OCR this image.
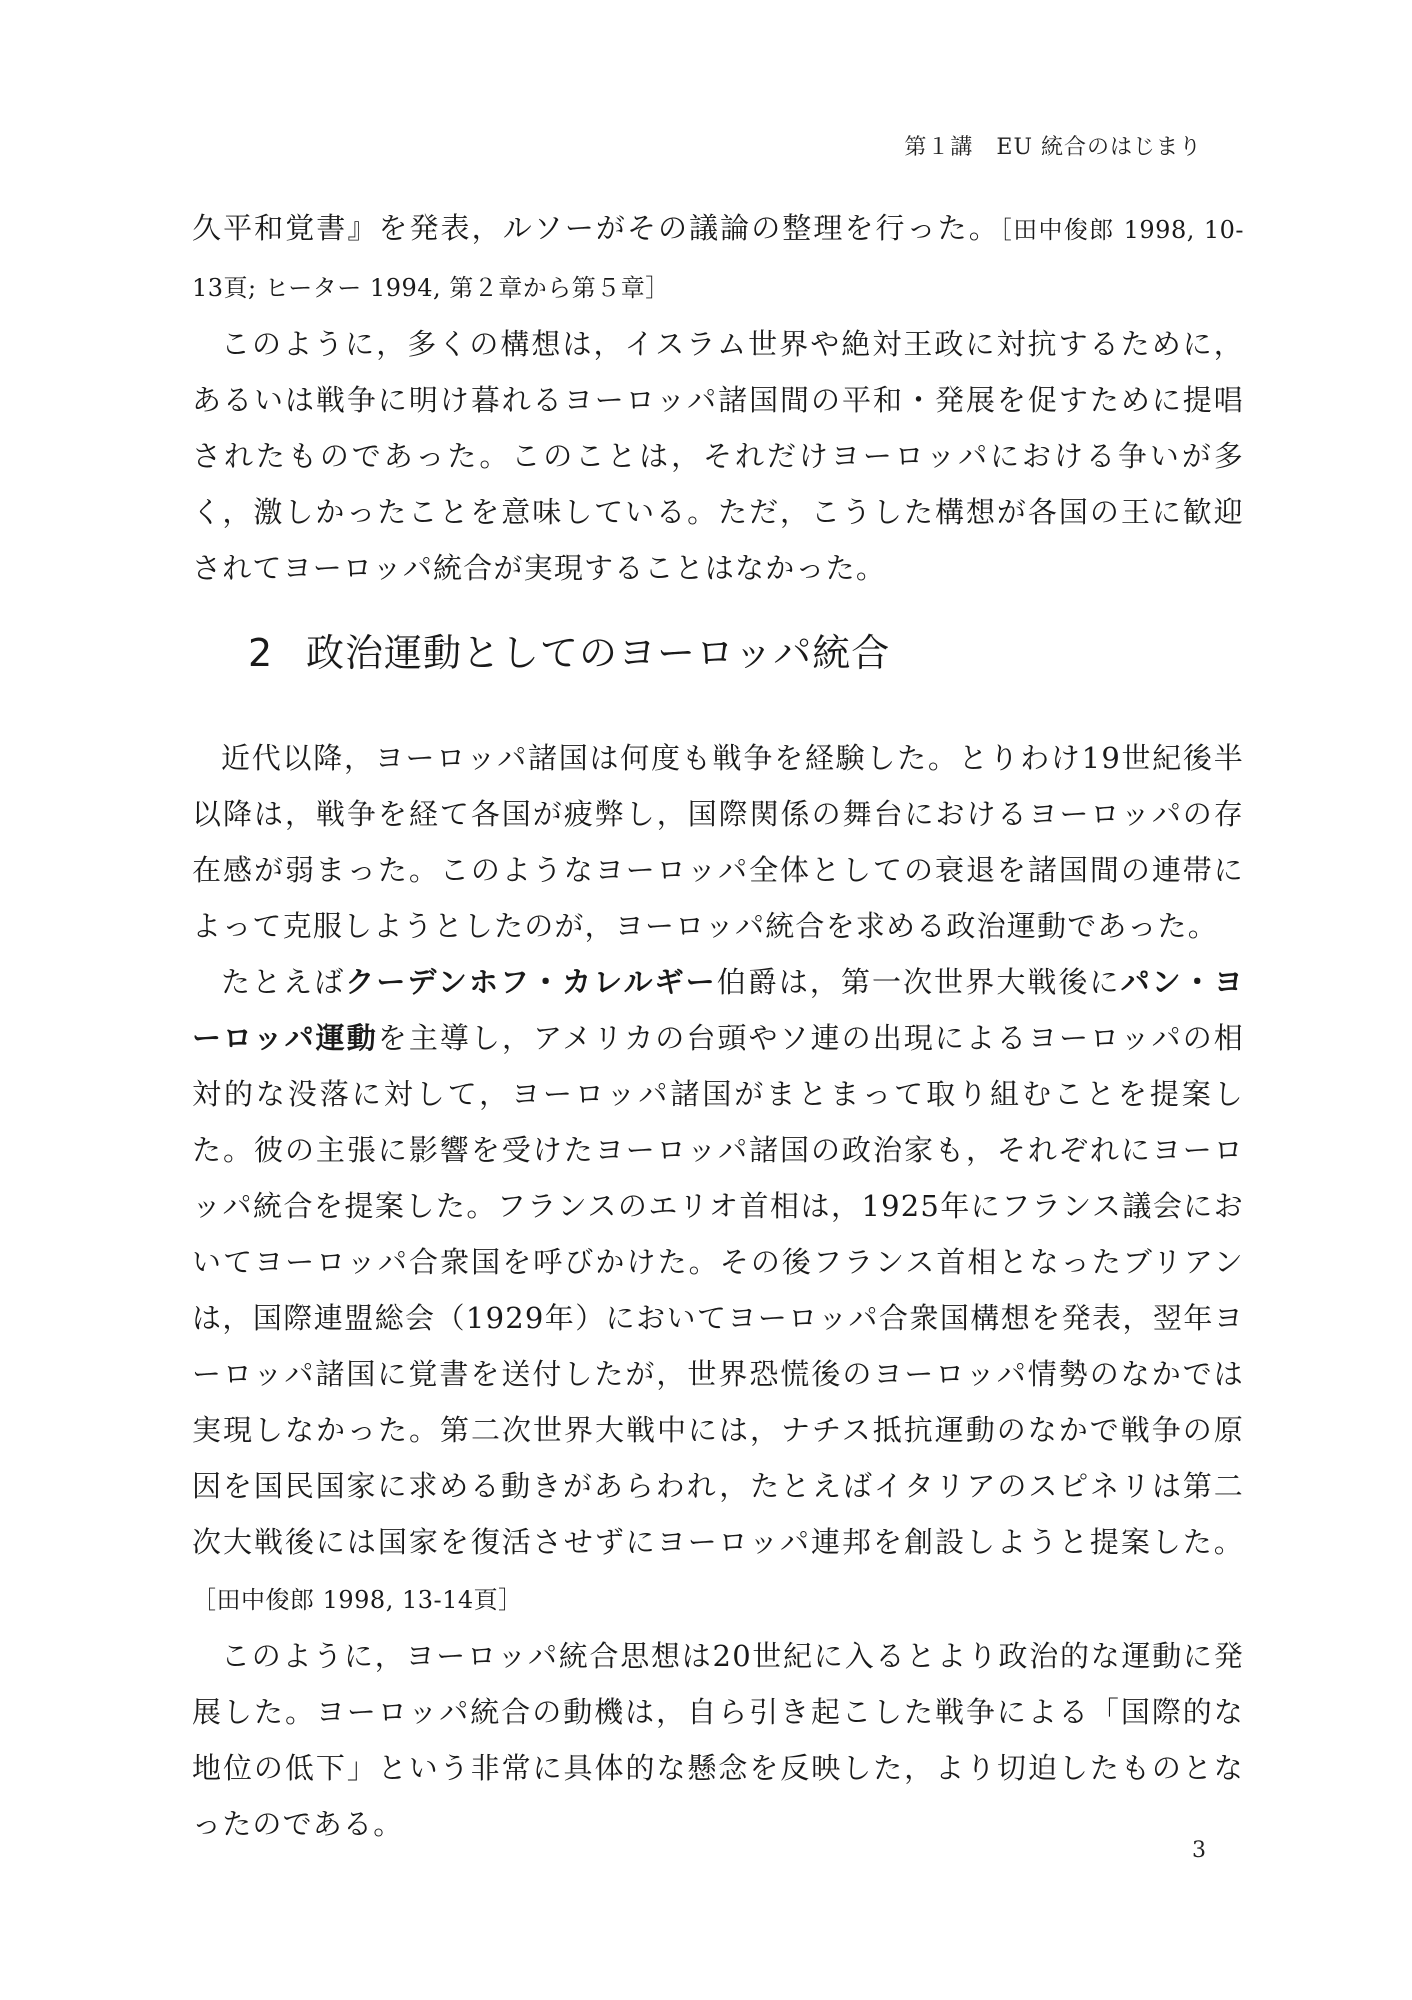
第１講　EU 統合のはじまり

久平和覚書』を発表，ルソーがその議論の整理を行った。［田中俊郎 1998, 10-13頁; ヒーター 1994, 第２章から第５章］

このように，多くの構想は，イスラム世界や絶対王政に対抗するために，あるいは戦争に明け暮れるヨーロッパ諸国間の平和・発展を促すために提唱されたものであった。このことは，それだけヨーロッパにおける争いが多く，激しかったことを意味している。ただ，こうした構想が各国の王に歓迎されてヨーロッパ統合が実現することはなかった。

2 政治運動としてのヨーロッパ統合

近代以降，ヨーロッパ諸国は何度も戦争を経験した。とりわけ19世紀後半以降は，戦争を経て各国が疲弊し，国際関係の舞台におけるヨーロッパの存在感が弱まった。このようなヨーロッパ全体としての衰退を諸国間の連帯によって克服しようとしたのが，ヨーロッパ統合を求める政治運動であった。

たとえばクーデンホフ・カレルギー伯爵は，第一次世界大戦後にパン・ヨーロッパ運動を主導し，アメリカの台頭やソ連の出現によるヨーロッパの相対的な没落に対して，ヨーロッパ諸国がまとまって取り組むことを提案した。彼の主張に影響を受けたヨーロッパ諸国の政治家も，それぞれにヨーロッパ統合を提案した。フランスのエリオ首相は，1925年にフランス議会においてヨーロッパ合衆国を呼びかけた。その後フランス首相となったブリアンは，国際連盟総会（1929年）においてヨーロッパ合衆国構想を発表，翌年ヨーロッパ諸国に覚書を送付したが，世界恐慌後のヨーロッパ情勢のなかでは実現しなかった。第二次世界大戦中には，ナチス抵抗運動のなかで戦争の原因を国民国家に求める動きがあらわれ，たとえばイタリアのスピネリは第二次大戦後には国家を復活させずにヨーロッパ連邦を創設しようと提案した。［田中俊郎 1998, 13-14頁］

このように，ヨーロッパ統合思想は20世紀に入るとより政治的な運動に発展した。ヨーロッパ統合の動機は，自ら引き起こした戦争による「国際的な地位の低下」という非常に具体的な懸念を反映した，より切迫したものとなったのである。

3
